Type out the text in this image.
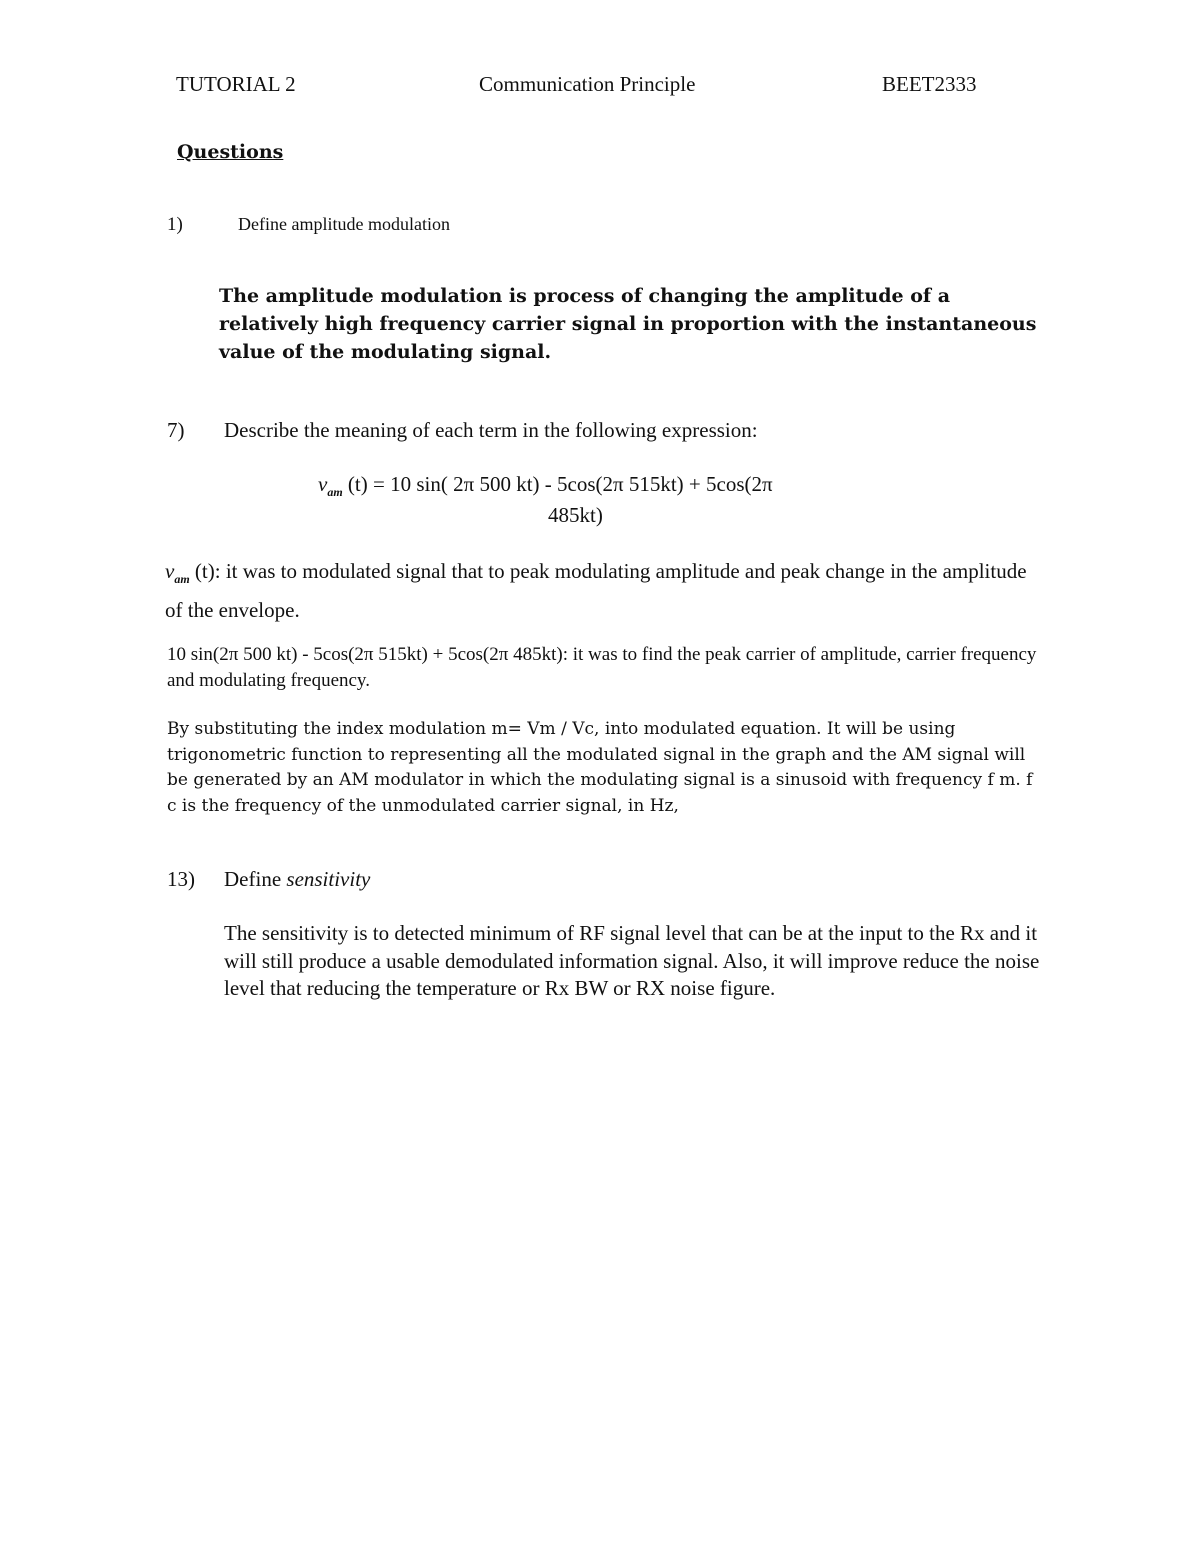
TUTORIAL 2	Communication Principle	BEET2333
Questions
1)	Define amplitude modulation
The amplitude modulation is process of changing the amplitude of a relatively high frequency carrier signal in proportion with the instantaneous value of the modulating signal.
7) Describe the meaning of each term in the following expression:
$v_{am}$ (t) = 10 sin( 2π 500 kt) - 5cos(2π 515kt) + 5cos(2π
485kt)
$v_{am}$ (t): it was to modulated signal that to peak modulating amplitude and peak change in the amplitude of the envelope.
10 sin(2π 500 kt) - 5cos(2π 515kt) + 5cos(2π 485kt): it was to find the peak carrier of amplitude, carrier frequency and modulating frequency.
By substituting the index modulation m= Vm / Vc, into modulated equation. It will be using trigonometric function to representing all the modulated signal in the graph and the AM signal will be generated by an AM modulator in which the modulating signal is a sinusoid with frequency f m. f c is the frequency of the unmodulated carrier signal, in Hz,
13) Define sensitivity
The sensitivity is to detected minimum of RF signal level that can be at the input to the Rx and it will still produce a usable demodulated information signal. Also, it will improve reduce the noise level that reducing the temperature or Rx BW or RX noise figure.
